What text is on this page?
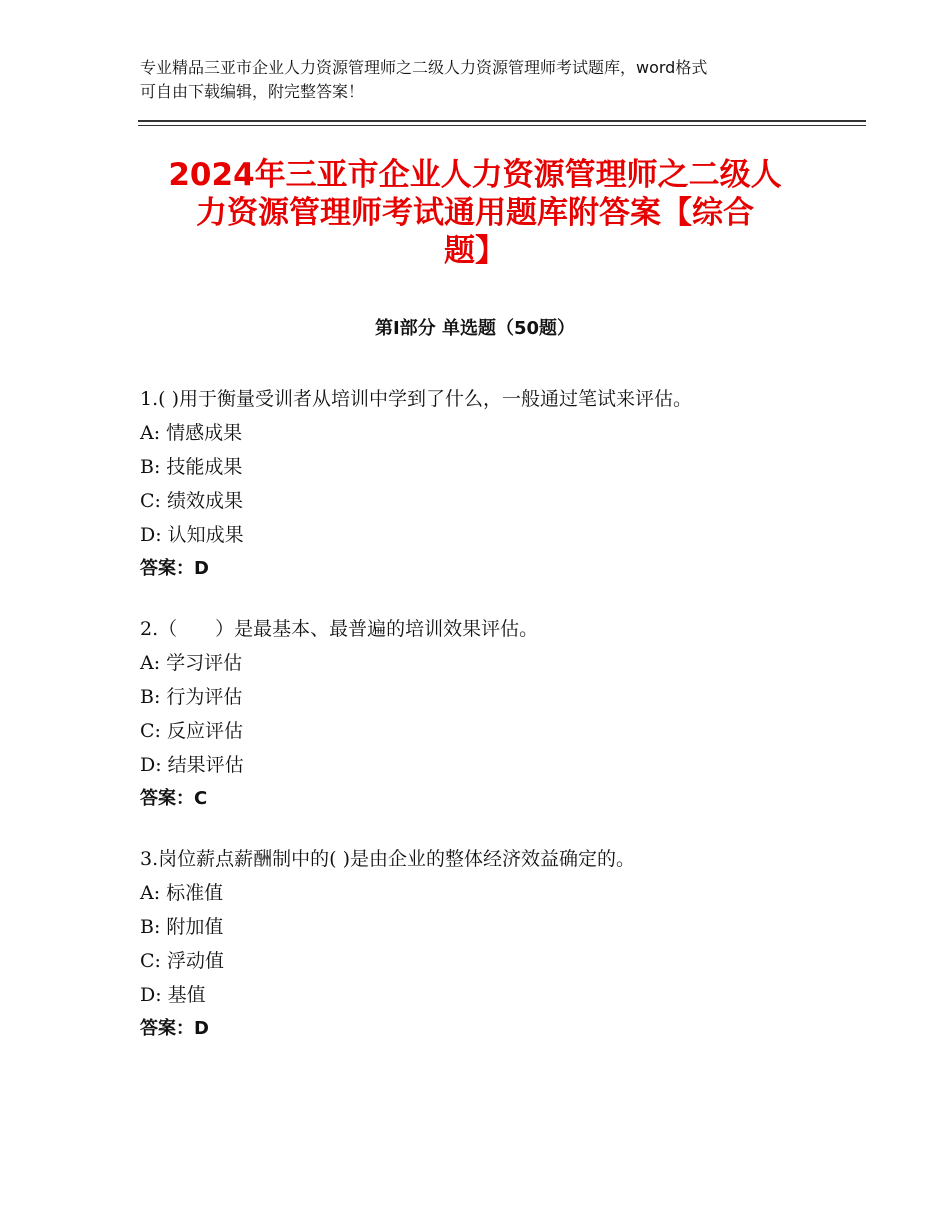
专业精品三亚市企业人力资源管理师之二级人力资源管理师考试题库，word格式
可自由下载编辑，附完整答案！
2024年三亚市企业人力资源管理师之二级人
力资源管理师考试通用题库附答案【综合
题】
第Ⅰ部分 单选题（50题）
1.( )用于衡量受训者从培训中学到了什么，一般通过笔试来评估。
A: 情感成果
B: 技能成果
C: 绩效成果
D: 认知成果
答案：D
2.（　　）是最基本、最普遍的培训效果评估。
A: 学习评估
B: 行为评估
C: 反应评估
D: 结果评估
答案：C
3.岗位薪点薪酬制中的( )是由企业的整体经济效益确定的。
A: 标准值
B: 附加值
C: 浮动值
D: 基值
答案：D
